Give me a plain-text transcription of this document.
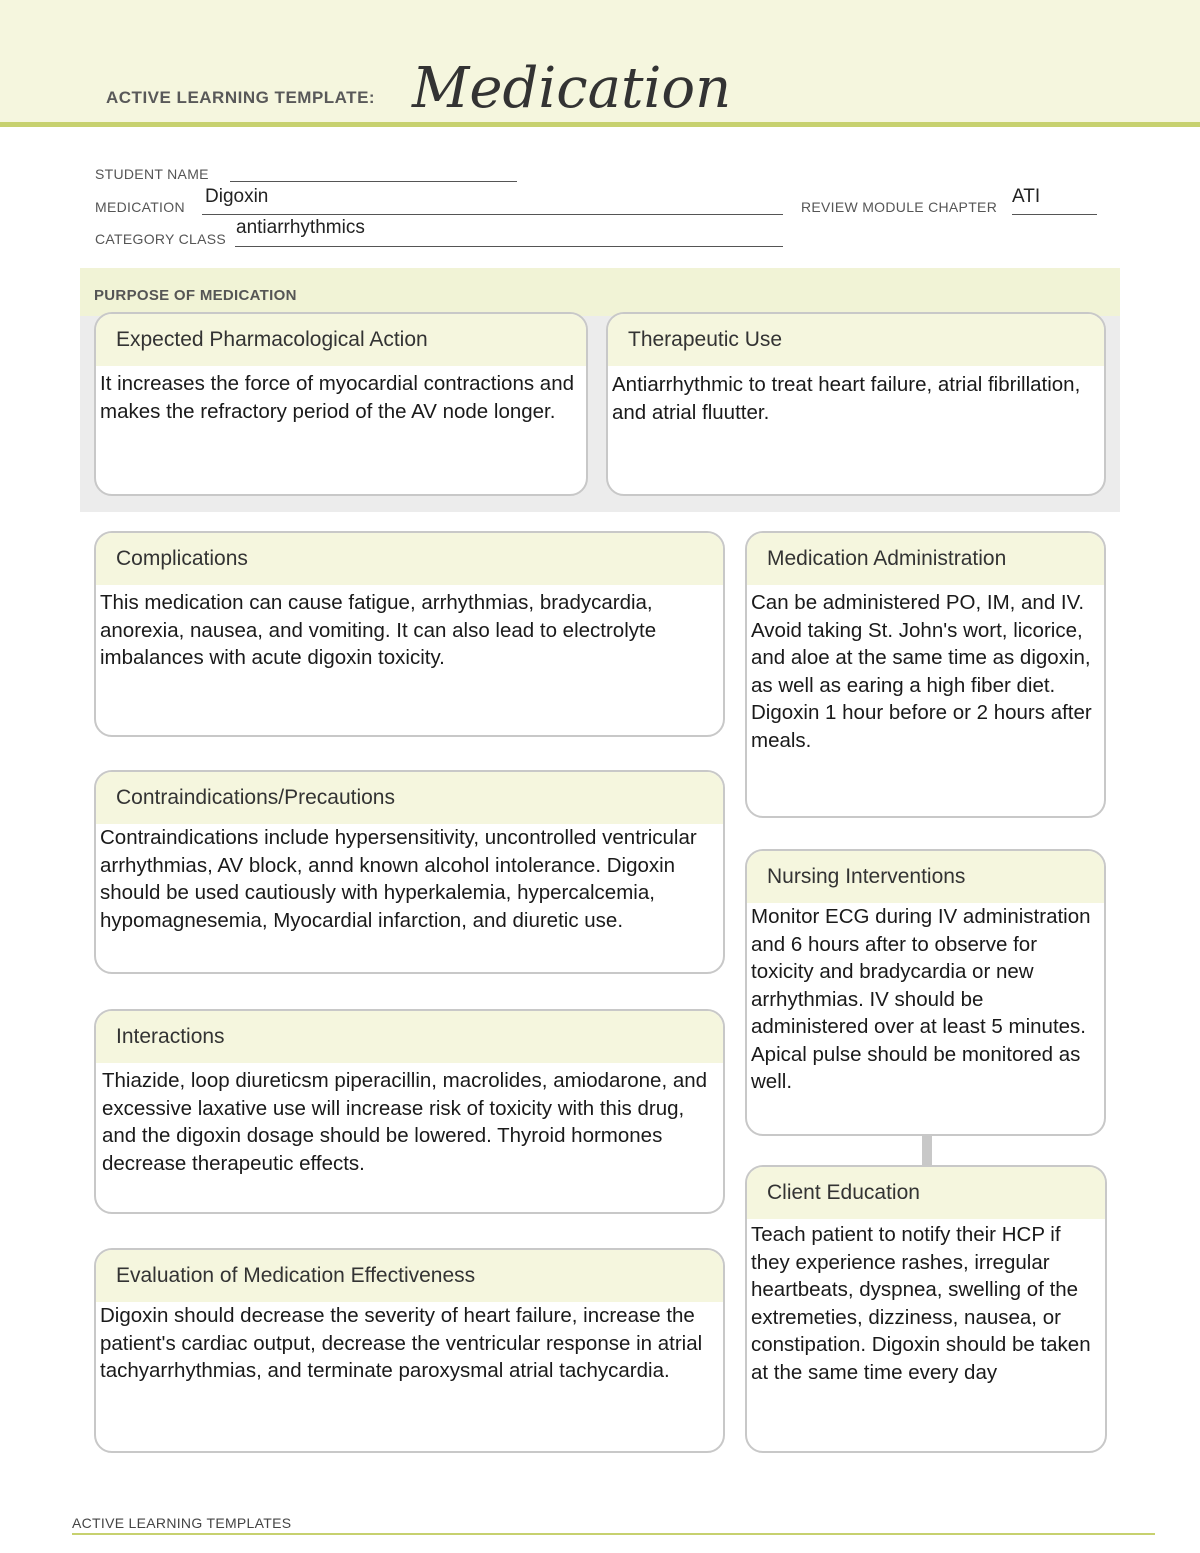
ACTIVE LEARNING TEMPLATE: Medication
STUDENT NAME
MEDICATION Digoxin	REVIEW MODULE CHAPTER ATI
CATEGORY CLASS
antiarrhythmics
PURPOSE OF MEDICATION
Expected Pharmacological Action
It increases the force of myocardial contractions and makes the refractory period of the AV node longer.
Therapeutic Use
Antiarrhythmic to treat heart failure, atrial fibrillation, and atrial fluutter.
Complications
This medication can cause fatigue, arrhythmias, bradycardia, anorexia, nausea, and vomiting. It can also lead to electrolyte imbalances with acute digoxin toxicity.
Contraindications/Precautions
Contraindications include hypersensitivity, uncontrolled ventricular arrhythmias, AV block, annd known alcohol intolerance. Digoxin should be used cautiously with hyperkalemia, hypercalcemia, hypomagnesemia, Myocardial infarction, and diuretic use.
Interactions
Thiazide, loop diureticsm piperacillin, macrolides, amiodarone, and excessive laxative use will increase risk of toxicity with this drug, and the digoxin dosage should be lowered. Thyroid hormones decrease therapeutic effects.
Evaluation of Medication Effectiveness
Digoxin should decrease the severity of heart failure, increase the patient's cardiac output, decrease the ventricular response in atrial tachyarrhythmias, and terminate paroxysmal atrial tachycardia.
Medication Administration
Can be administered PO, IM, and IV. Avoid taking St. John's wort, licorice, and aloe at the same time as digoxin, as well as earing a high fiber diet. Digoxin 1 hour before or 2 hours after meals.
Nursing Interventions
Monitor ECG during IV administration and 6 hours after to observe for toxicity and bradycardia or new arrhythmias. IV should be administered over at least 5 minutes. Apical pulse should be monitored as well.
Client Education
Teach patient to notify their HCP if they experience rashes, irregular heartbeats, dyspnea, swelling of the extremeties, dizziness, nausea, or constipation. Digoxin should be taken at the same time every day
ACTIVE LEARNING TEMPLATES
